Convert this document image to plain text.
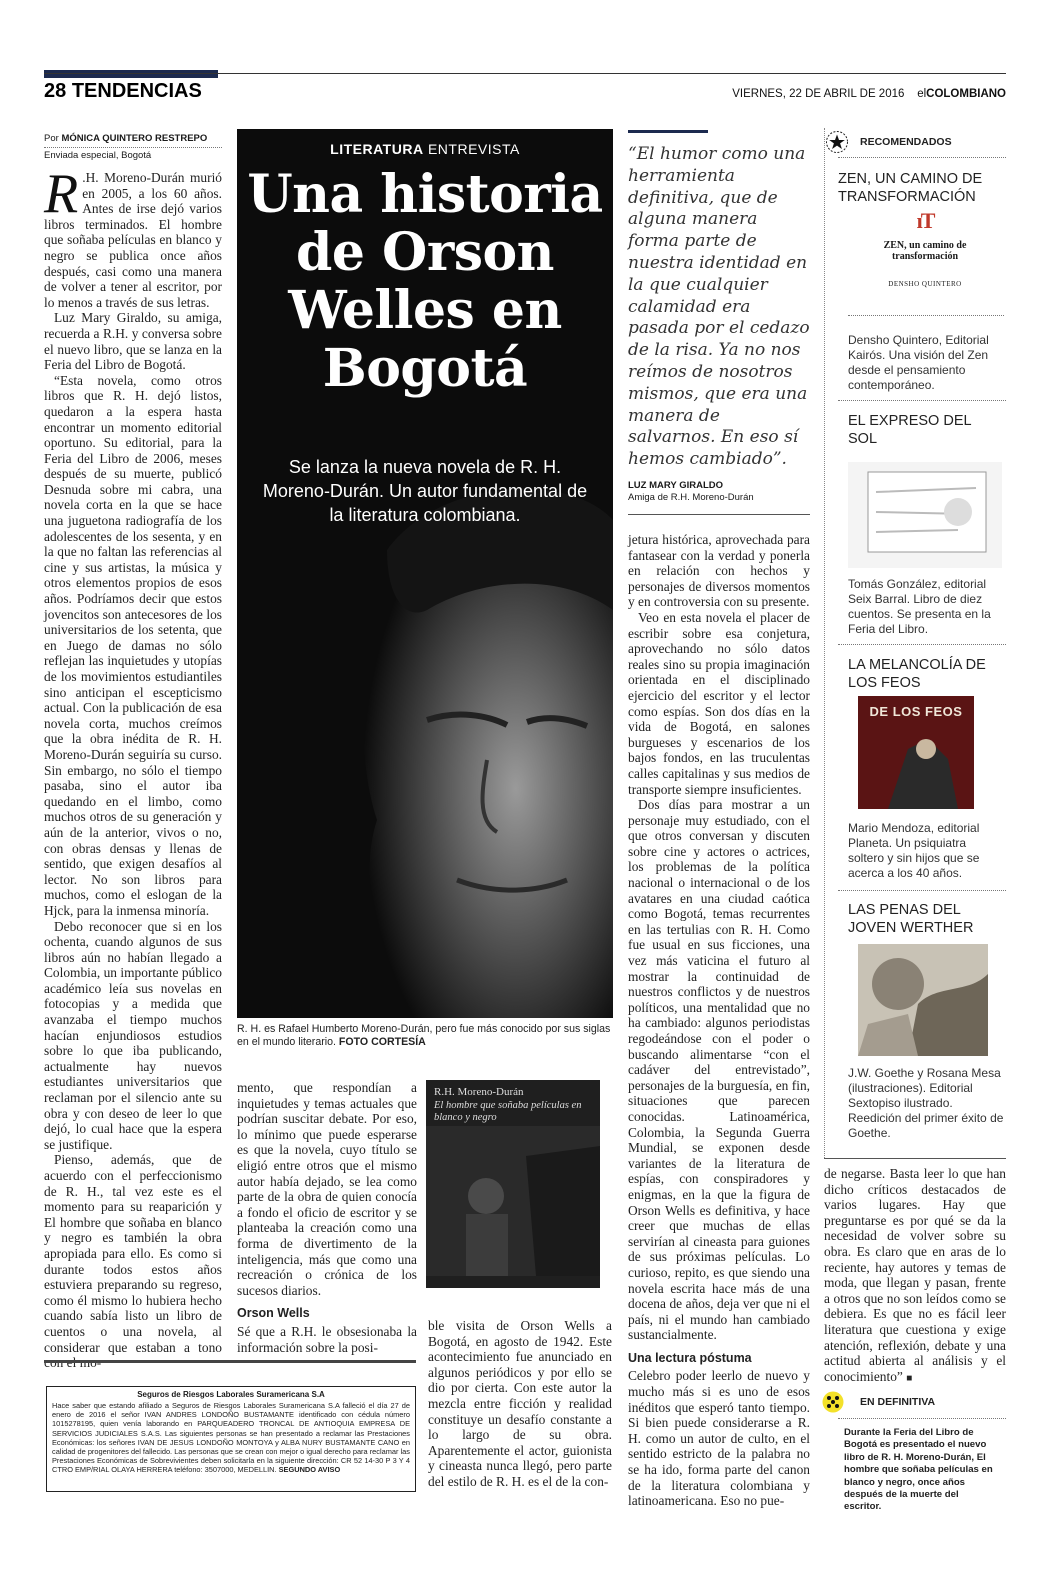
28 TENDENCIAS	VIERNES, 22 DE ABRIL DE 2016 elCOLOMBIANO
Por MÓNICA QUINTERO RESTREPO
Enviada especial, Bogotá

R .H. Moreno-Durán murió en 2005, a los 60 años. Antes de irse dejó varios libros terminados. El hombre que soñaba películas en blanco y negro se publica once años después, casi como una manera de volver a tener al escritor, por lo menos a través de sus letras.

Luz Mary Giraldo, su amiga, recuerda a R.H. y conversa sobre el nuevo libro, que se lanza en la Feria del Libro de Bogotá.

“Esta novela, como otros libros que R. H. dejó listos, quedaron a la espera hasta encontrar un momento editorial oportuno. Su editorial, para la Feria del Libro de 2006, meses después de su muerte, publicó Desnuda sobre mi cabra, una novela corta en la que se hace una juguetona radiografía de los adolescentes de los sesenta, y en la que no faltan las referencias al cine y sus artistas, la música y otros elementos propios de esos años. Podríamos decir que estos jovencitos son antecesores de los universitarios de los setenta, que en Juego de damas no sólo reflejan las inquietudes y utopías de los movimientos estudiantiles sino anticipan el escepticismo actual. Con la publicación de esa novela corta, muchos creímos que la obra inédita de R. H. Moreno-Durán seguiría su curso. Sin embargo, no sólo el tiempo pasaba, sino el autor iba quedando en el limbo, como muchos otros de su generación y aún de la anterior, vivos o no, con obras densas y llenas de sentido, que exigen desafíos al lector. No son libros para muchos, como el eslogan de la Hjck, para la inmensa minoría.

Debo reconocer que si en los ochenta, cuando algunos de sus libros aún no habían llegado a Colombia, un importante público académico leía sus novelas en fotocopias y a medida que avanzaba el tiempo muchos hacían enjundiosos estudios sobre lo que iba publicando, actualmente hay nuevos estudiantes universitarios que reclaman por el silencio ante su obra y con deseo de leer lo que dejó, lo cual hace que la espera se justifique.

Pienso, además, que de acuerdo con el perfeccionismo de R. H., tal vez este es el momento para su reaparición y El hombre que soñaba en blanco y negro es también la obra apropiada para ello. Es como si durante todos estos años estuviera preparando su regreso, como él mismo lo hubiera hecho cuando sabía listo un libro de cuentos o una novela, al considerar que estaban a tono

LITERATURA ENTREVISTA
Una historia de Orson Welles en Bogotá
Se lanza la nueva novela de R. H. Moreno-Durán. Un autor fundamental de la literatura colombiana.
R. H. es Rafael Humberto Moreno-Durán, pero fue más conocido por sus siglas en el mundo literario. FOTO CORTESÍA

mento, que respondían a inquietudes y temas actuales que podrían suscitar debate. Por eso, lo mínimo que puede esperarse es que la novela, cuyo título se eligió entre otros que el mismo autor había dejado, se lea como parte de la obra de quien conocía a fondo el oficio de escritor y se planteaba la creación como una forma de divertimento de la inteligencia, más que como una recreación o crónica de los sucesos diarios.

Orson Wells

Sé que a R.H. le obsesionaba la información sobre la posi-

R.H. Moreno-Durán
El hombre que soñaba películas en blanco y negro

ble visita de Orson Wells a Bogotá, en agosto de 1942. Este acontecimiento fue anunciado en algunos periódicos y por ello se dio por cierta. Con este autor la mezcla entre ficción y realidad constituye un desafío constante a lo largo de su obra. Aparentemente el actor, guionista y cineasta nunca llegó, pero parte del estilo de R. H. es el de la con-

“El humor como una herramienta definitiva, que de alguna manera forma parte de nuestra identidad en la que cualquier calamidad era pasada por el cedazo de la risa. Ya no nos reímos de nosotros mismos, que era una manera de salvarnos. En eso sí hemos cambiado”.
LUZ MARY GIRALDO
Amiga de R.H. Moreno-Durán

jetura histórica, aprovechada para fantasear con la verdad y ponerla en relación con hechos y personajes de diversos momentos y en controversia con su presente.

Veo en esta novela el placer de escribir sobre esa conjetura, aprovechando no sólo datos reales sino su propia imaginación orientada en el disciplinado ejercicio del escritor y el lector como espías. Son dos días en la vida de Bogotá, en salones burgueses y escenarios de los bajos fondos, en las truculentas calles capitalinas y sus medios de transporte siempre insuficientes.

Dos días para mostrar a un personaje muy estudiado, con el que otros conversan y discuten sobre cine y actores o actrices, los problemas de la política nacional o internacional o de los avatares en una ciudad caótica como Bogotá, temas recurrentes en las tertulias con R. H. Como fue usual en sus ficciones, una vez más vaticina el futuro al mostrar la continuidad de nuestros conflictos y de nuestros políticos, una mentalidad que no ha cambiado: algunos periodistas regodeándose con el poder o buscando alimentarse “con el cadáver del entrevistado”, personajes de la burguesía, en fin, situaciones que parecen conocidas. Latinoamérica, Colombia, la Segunda Guerra Mundial, se exponen desde variantes de la literatura de espías, con conspiradores y enigmas, en la que la figura de Orson Wells es definitiva, y hace creer que muchas de ellas servirían al cineasta para guiones de sus próximas películas. Lo curioso, repito, es que siendo una novela escrita hace más de una docena de años, deja ver que ni el país, ni el mundo han cambiado sustancialmente.

Una lectura póstuma

Celebro poder leerlo de nuevo y mucho más si es uno de esos inéditos que esperó tanto tiempo. Si bien puede considerarse a R. H. como un autor de culto, en el sentido estricto de la palabra no se ha ido, forma parte del canon de la literatura colombiana y latinoamericana. Eso no pue-

de negarse. Basta leer lo que han dicho críticos destacados de varios lugares. Hay que preguntarse es por qué se da la necesidad de volver sobre su obra. Es claro que en aras de lo reciente, hay autores y temas de moda, que llegan y pasan, frente a otros que no son leídos como se debiera. Es que no es fácil leer literatura que cuestiona y exige atención, reflexión, debate y una actitud abierta al análisis y el conocimiento” ■

RECOMENDADOS
ZEN, UN CAMINO DE TRANSFORMACIÓN
ıT
ZEN, un camino de transformación
DENSHO QUINTERO
Densho Quintero, Editorial Kairós. Una visión del Zen desde el pensamiento contemporáneo.
EL EXPRESO DEL SOL
Tomás González, editorial Seix Barral. Libro de diez cuentos. Se presenta en la Feria del Libro.
LA MELANCOLÍA DE LOS FEOS
DE LOS FEOS
Mario Mendoza, editorial Planeta. Un psiquiatra soltero y sin hijos que se acerca a los 40 años.
LAS PENAS DEL JOVEN WERTHER
J.W. Goethe y Rosana Mesa (ilustraciones). Editorial Sextopiso ilustrado. Reedición del primer éxito de Goethe.
EN DEFINITIVA
Durante la Feria del Libro de Bogotá es presentado el nuevo libro de R. H. Moreno-Durán, El hombre que soñaba películas en blanco y negro, once años después de la muerte del escritor.
Seguros de Riesgos Laborales Suramericana S.A
Hace saber que estando afiliado a Seguros de Riesgos Laborales Suramericana S.A falleció el día 27 de enero de 2016 el señor IVAN ANDRES LONDOÑO BUSTAMANTE identificado con cédula número 1015278195, quien venía laborando en PARQUEADERO TRONCAL DE ANTIOQUIA EMPRESA DE SERVICIOS JUDICIALES S.A.S. Las siguientes personas se han presentado a reclamar las Prestaciones Económicas: los señores IVAN DE JESUS LONDOÑO MONTOYA y ALBA NURY BUSTAMANTE CANO en calidad de progenitores del fallecido. Las personas que se crean con mejor o igual derecho para reclamar las Prestaciones Económicas de Sobrevivientes deben solicitarla en la siguiente dirección: CR 52 14-30 P 3 Y 4 CTRO EMP/RIAL OLAYA HERRERA teléfono: 3507000, MEDELLIN. SEGUNDO AVISO
